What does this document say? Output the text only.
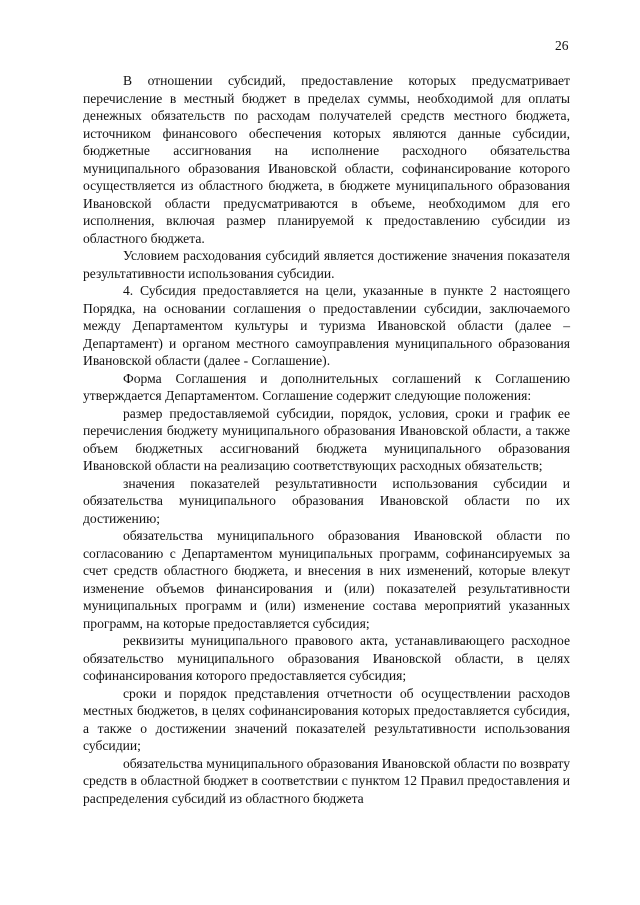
26

В отношении субсидий, предоставление которых предусматривает перечисление в местный бюджет в пределах суммы, необходимой для оплаты денежных обязательств по расходам получателей средств местного бюджета, источником финансового обеспечения которых являются данные субсидии, бюджетные ассигнования на исполнение расходного обязательства муниципального образования Ивановской области, софинансирование которого осуществляется из областного бюджета, в бюджете муниципального образования Ивановской области предусматриваются в объеме, необходимом для его исполнения, включая размер планируемой к предоставлению субсидии из областного бюджета.

Условием расходования субсидий является достижение значения показателя результативности использования субсидии.

4. Субсидия предоставляется на цели, указанные в пункте 2 настоящего Порядка, на основании соглашения о предоставлении субсидии, заключаемого между Департаментом культуры и туризма Ивановской области (далее – Департамент) и органом местного самоуправления муниципального образования Ивановской области (далее - Соглашение).

Форма Соглашения и дополнительных соглашений к Соглашению утверждается Департаментом. Соглашение содержит следующие положения:

размер предоставляемой субсидии, порядок, условия, сроки и график ее перечисления бюджету муниципального образования Ивановской области, а также объем бюджетных ассигнований бюджета муниципального образования Ивановской области на реализацию соответствующих расходных обязательств;

значения показателей результативности использования субсидии и обязательства муниципального образования Ивановской области по их достижению;

обязательства муниципального образования Ивановской области по согласованию с Департаментом муниципальных программ, софинансируемых за счет средств областного бюджета, и внесения в них изменений, которые влекут изменение объемов финансирования и (или) показателей результативности муниципальных программ и (или) изменение состава мероприятий указанных программ, на которые предоставляется субсидия;

реквизиты муниципального правового акта, устанавливающего расходное обязательство муниципального образования Ивановской области, в целях софинансирования которого предоставляется субсидия;

сроки и порядок представления отчетности об осуществлении расходов местных бюджетов, в целях софинансирования которых предоставляется субсидия, а также о достижении значений показателей результативности использования субсидии;

обязательства муниципального образования Ивановской области по возврату средств в областной бюджет в соответствии с пунктом 12 Правил предоставления и распределения субсидий из областного бюджета
